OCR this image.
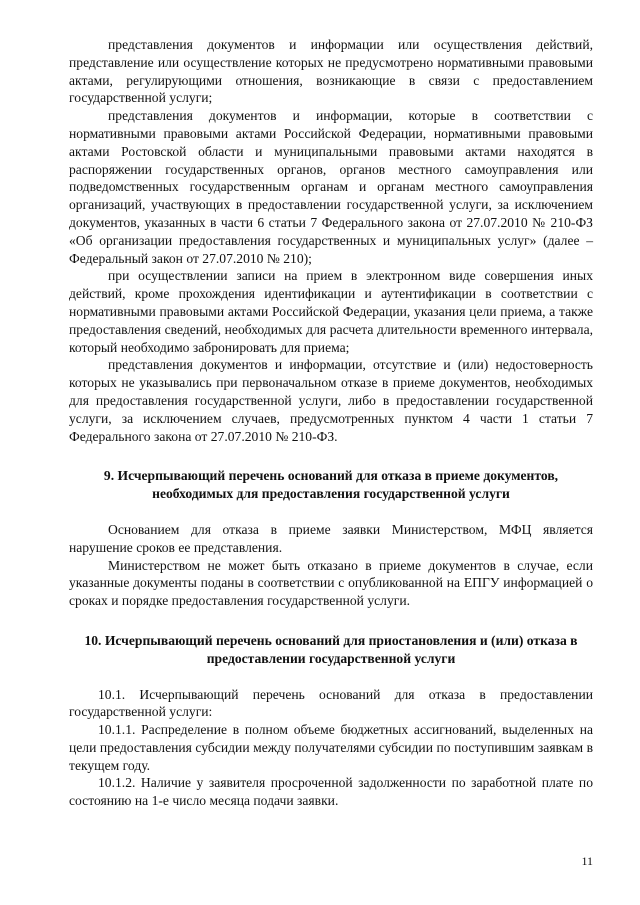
представления документов и информации или осуществления действий, представление или осуществление которых не предусмотрено нормативными правовыми актами, регулирующими отношения, возникающие в связи с предоставлением государственной услуги;

представления документов и информации, которые в соответствии с нормативными правовыми актами Российской Федерации, нормативными правовыми актами Ростовской области и муниципальными правовыми актами находятся в распоряжении государственных органов, органов местного самоуправления или подведомственных государственным органам и органам местного самоуправления организаций, участвующих в предоставлении государственной услуги, за исключением документов, указанных в части 6 статьи 7 Федерального закона от 27.07.2010 № 210-ФЗ «Об организации предоставления государственных и муниципальных услуг» (далее – Федеральный закон от 27.07.2010 № 210);

при осуществлении записи на прием в электронном виде совершения иных действий, кроме прохождения идентификации и аутентификации в соответствии с нормативными правовыми актами Российской Федерации, указания цели приема, а также предоставления сведений, необходимых для расчета длительности временного интервала, который необходимо забронировать для приема;

представления документов и информации, отсутствие и (или) недостоверность которых не указывались при первоначальном отказе в приеме документов, необходимых для предоставления государственной услуги, либо в предоставлении государственной услуги, за исключением случаев, предусмотренных пунктом 4 части 1 статьи 7 Федерального закона от 27.07.2010 № 210-ФЗ.

9. Исчерпывающий перечень оснований для отказа в приеме документов, необходимых для предоставления государственной услуги

Основанием для отказа в приеме заявки Министерством, МФЦ является нарушение сроков ее представления.

Министерством не может быть отказано в приеме документов в случае, если указанные документы поданы в соответствии с опубликованной на ЕПГУ информацией о сроках и порядке предоставления государственной услуги.

10. Исчерпывающий перечень оснований для приостановления и (или) отказа в предоставлении государственной услуги

10.1. Исчерпывающий перечень оснований для отказа в предоставлении государственной услуги:

10.1.1. Распределение в полном объеме бюджетных ассигнований, выделенных на цели предоставления субсидии между получателями субсидии по поступившим заявкам в текущем году.

10.1.2. Наличие у заявителя просроченной задолженности по заработной плате по состоянию на 1-е число месяца подачи заявки.

11
